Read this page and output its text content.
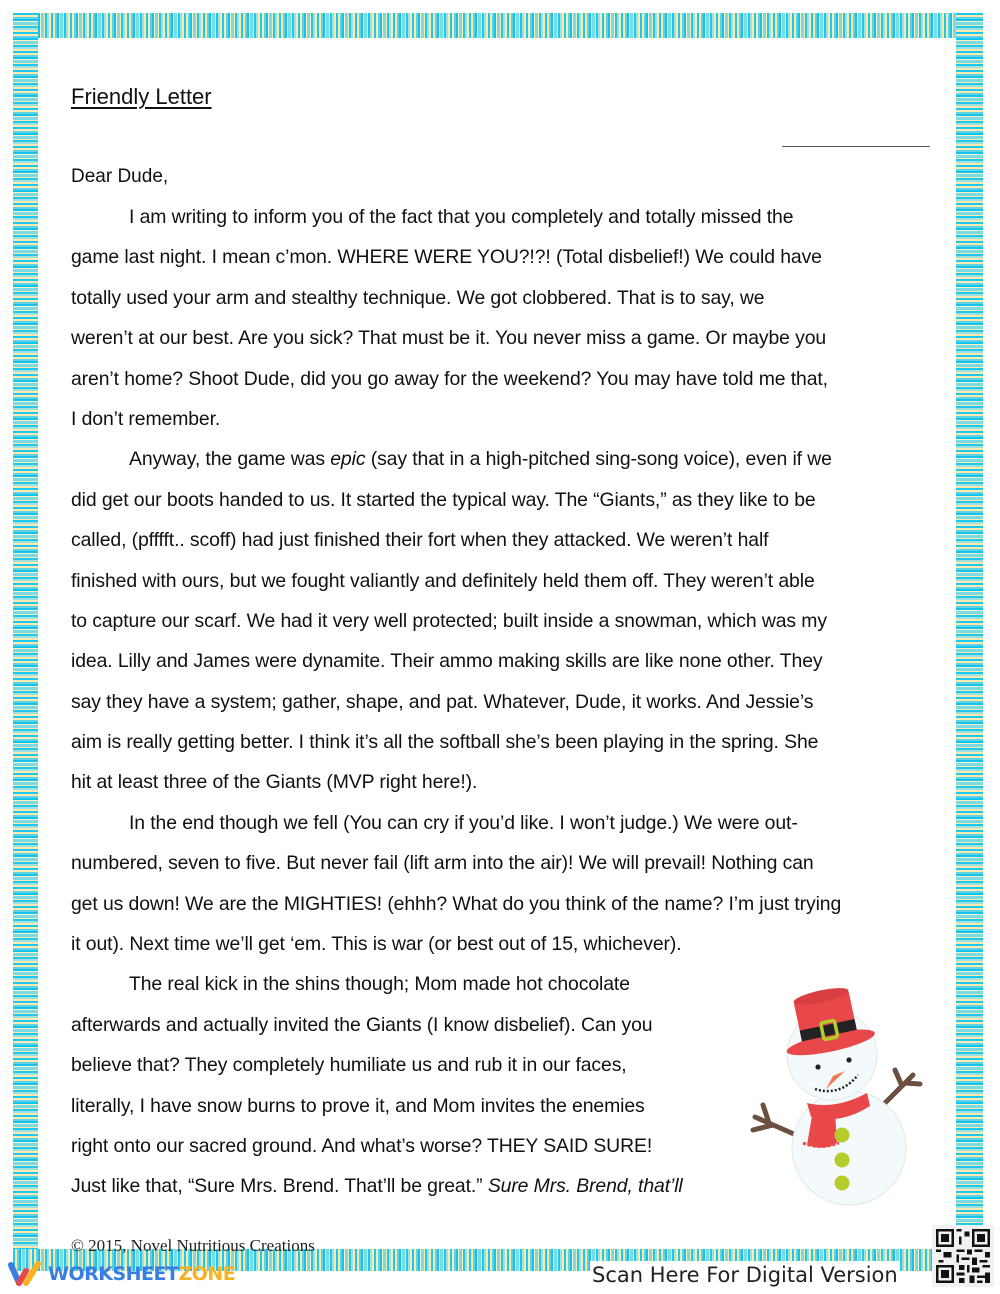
Friendly Letter
Dear Dude,
I am writing to inform you of the fact that you completely and totally missed the
game last night. I mean c’mon. WHERE WERE YOU?!?! (Total disbelief!) We could have
totally used your arm and stealthy technique. We got clobbered. That is to say, we
weren’t at our best. Are you sick? That must be it. You never miss a game. Or maybe you
aren’t home? Shoot Dude, did you go away for the weekend? You may have told me that,
I don’t remember.
Anyway, the game was epic (say that in a high-pitched sing-song voice), even if we
did get our boots handed to us. It started the typical way. The “Giants,” as they like to be
called, (pfffft.. scoff) had just finished their fort when they attacked. We weren’t half
finished with ours, but we fought valiantly and definitely held them off. They weren’t able
to capture our scarf. We had it very well protected; built inside a snowman, which was my
idea. Lilly and James were dynamite. Their ammo making skills are like none other. They
say they have a system; gather, shape, and pat. Whatever, Dude, it works. And Jessie’s
aim is really getting better. I think it’s all the softball she’s been playing in the spring. She
hit at least three of the Giants (MVP right here!).
In the end though we fell (You can cry if you’d like. I won’t judge.) We were out-
numbered, seven to five. But never fail (lift arm into the air)! We will prevail! Nothing can
get us down! We are the MIGHTIES! (ehhh? What do you think of the name? I’m just trying
it out). Next time we’ll get ‘em. This is war (or best out of 15, whichever).
The real kick in the shins though; Mom made hot chocolate
afterwards and actually invited the Giants (I know disbelief). Can you
believe that? They completely humiliate us and rub it in our faces,
literally, I have snow burns to prove it, and Mom invites the enemies
right onto our sacred ground. And what’s worse? THEY SAID SURE!
Just like that, “Sure Mrs. Brend. That’ll be great.” Sure Mrs. Brend, that’ll
© 2015, Novel Nutritious Creations
WORKSHEETZONE	Scan Here For Digital Version
